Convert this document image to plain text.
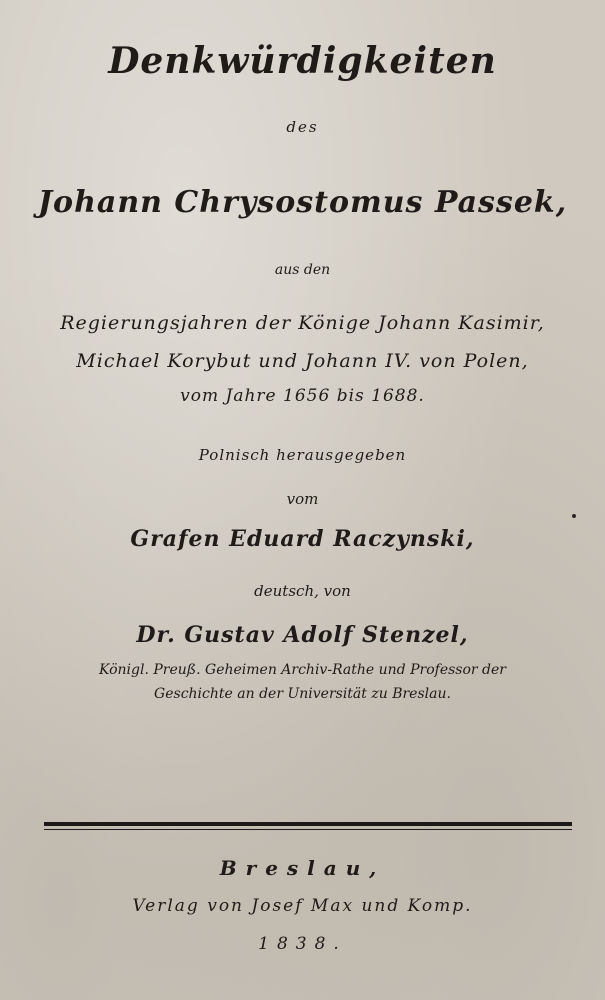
Denkwürdigkeiten
des
Johann Chrysostomus Passek,
aus den
Regierungsjahren der Könige Johann Kasimir,
Michael Korybut und Johann IV. von Polen,
vom Jahre 1656 bis 1688.
Polnisch herausgegeben
vom
Grafen Eduard Raczynski,
deutsch, von
Dr. Gustav Adolf Stenzel,
Königl. Preuß. Geheimen Archiv-Rathe und Professor der
Geschichte an der Universität zu Breslau.
Breslau,
Verlag von Josef Max und Komp.
1838.
